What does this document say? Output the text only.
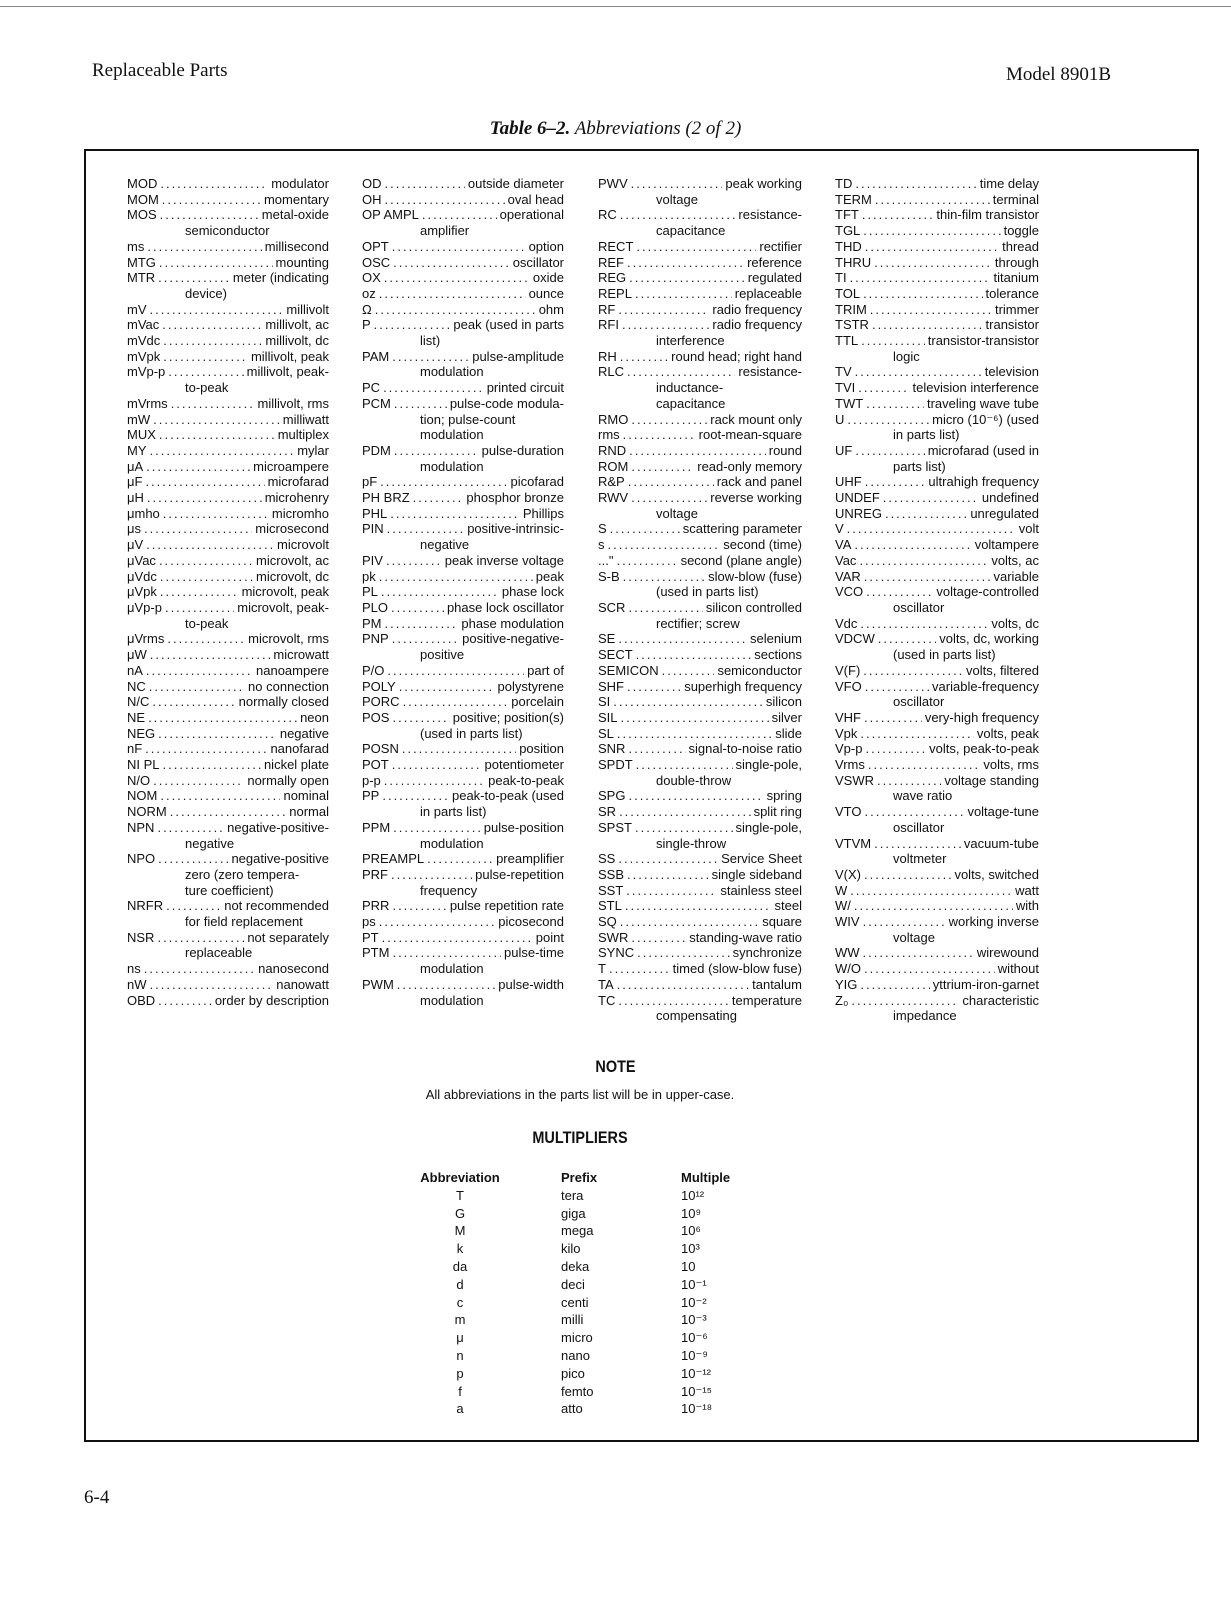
Replaceable Parts	Model 8901B
Table 6–2. Abbreviations (2 of 2)
MOD .....	modulator
MOM .....	momentary
MOS .....	metal-oxide
semiconductor
ms .....	millisecond
MTG .....	mounting
MTR .....	meter (indicating
device)
mV .....	millivolt
mVac .....	millivolt, ac
mVdc .....	millivolt, dc
mVpk .....	millivolt, peak
mVp-p .....	millivolt, peak-
to-peak
mVrms .....	millivolt, rms
mW .....	milliwatt
MUX .....	multiplex
MY .....	mylar
μA .....	microampere
μF .....	microfarad
μH .....	microhenry
μmho .....	micromho
μs .....	microsecond
μV .....	microvolt
μVac .....	microvolt, ac
μVdc .....	microvolt, dc
μVpk .....	microvolt, peak
μVp-p .....	microvolt, peak-
to-peak
μVrms .....	microvolt, rms
μW .....	microwatt
nA .....	nanoampere
NC .....	no connection
N/C .....	normally closed
NE .....	neon
NEG .....	negative
nF .....	nanofarad
NI PL .....	nickel plate
N/O .....	normally open
NOM .....	nominal
NORM .....	normal
NPN .....	negative-positive-
negative
NPO .....	negative-positive
zero (zero tempera-
ture coefficient)
NRFR .....	not recommended
for field replacement
NSR .....	not separately
replaceable
ns .....	nanosecond
nW .....	nanowatt
OBD .....	order by description
OD .....	outside diameter
OH .....	oval head
OP AMPL .....	operational
amplifier
OPT .....	option
OSC .....	oscillator
OX .....	oxide
oz .....	ounce
Ω .....	ohm
P .....	peak (used in parts
list)
PAM .....	pulse-amplitude
modulation
PC .....	printed circuit
PCM .....	pulse-code modula-
tion; pulse-count
modulation
PDM .....	pulse-duration
modulation
pF .....	picofarad
PH BRZ .....	phosphor bronze
PHL .....	Phillips
PIN .....	positive-intrinsic-
negative
PIV .....	peak inverse voltage
pk .....	peak
PL .....	phase lock
PLO .....	phase lock oscillator
PM .....	phase modulation
PNP .....	positive-negative-
positive
P/O .....	part of
POLY .....	polystyrene
PORC .....	porcelain
POS .....	positive; position(s)
(used in parts list)
POSN .....	position
POT .....	potentiometer
p-p .....	peak-to-peak
PP .....	peak-to-peak (used
in parts list)
PPM .....	pulse-position
modulation
PREAMPL .....	preamplifier
PRF .....	pulse-repetition
frequency
PRR .....	pulse repetition rate
ps .....	picosecond
PT .....	point
PTM .....	pulse-time
modulation
PWM .....	pulse-width
modulation
PWV .....	peak working
voltage
RC .....	resistance-
capacitance
RECT .....	rectifier
REF .....	reference
REG .....	regulated
REPL .....	replaceable
RF .....	radio frequency
RFI .....	radio frequency
interference
RH .....	round head; right hand
RLC .....	resistance-
inductance-
capacitance
RMO .....	rack mount only
rms .....	root-mean-square
RND .....	round
ROM .....	read-only memory
R&P .....	rack and panel
RWV .....	reverse working
voltage
S .....	scattering parameter
s .....	second (time)
..." .....	second (plane angle)
S-B .....	slow-blow (fuse)
(used in parts list)
SCR .....	silicon controlled
rectifier; screw
SE .....	selenium
SECT .....	sections
SEMICON .....	semiconductor
SHF .....	superhigh frequency
SI .....	silicon
SIL .....	silver
SL .....	slide
SNR .....	signal-to-noise ratio
SPDT .....	single-pole,
double-throw
SPG .....	spring
SR .....	split ring
SPST .....	single-pole,
single-throw
SS .....	Service Sheet
SSB .....	single sideband
SST .....	stainless steel
STL .....	steel
SQ .....	square
SWR .....	standing-wave ratio
SYNC .....	synchronize
T .....	timed (slow-blow fuse)
TA .....	tantalum
TC .....	temperature
compensating
TD .....	time delay
TERM .....	terminal
TFT .....	thin-film transistor
TGL .....	toggle
THD .....	thread
THRU .....	through
TI .....	titanium
TOL .....	tolerance
TRIM .....	trimmer
TSTR .....	transistor
TTL .....	transistor-transistor
logic
TV .....	television
TVI .....	television interference
TWT .....	traveling wave tube
U .....	micro (10⁻⁶) (used
in parts list)
UF .....	microfarad (used in
parts list)
UHF .....	ultrahigh frequency
UNDEF .....	undefined
UNREG .....	unregulated
V .....	volt
VA .....	voltampere
Vac .....	volts, ac
VAR .....	variable
VCO .....	voltage-controlled
oscillator
Vdc .....	volts, dc
VDCW .....	volts, dc, working
(used in parts list)
V(F) .....	volts, filtered
VFO .....	variable-frequency
oscillator
VHF .....	very-high frequency
Vpk .....	volts, peak
Vp-p .....	volts, peak-to-peak
Vrms .....	volts, rms
VSWR .....	voltage standing
wave ratio
VTO .....	voltage-tune
oscillator
VTVM .....	vacuum-tube
voltmeter
V(X) .....	volts, switched
W .....	watt
W/ .....	with
WIV .....	working inverse
voltage
WW .....	wirewound
W/O .....	without
YIG .....	yttrium-iron-garnet
Z₀ .....	characteristic
impedance
NOTE
All abbreviations in the parts list will be in upper-case.
MULTIPLIERS
Abbreviation	Prefix	Multiple
T	tera	10¹²
G	giga	10⁹
M	mega	10⁶
k	kilo	10³
da	deka	10
d	deci	10⁻¹
c	centi	10⁻²
m	milli	10⁻³
μ	micro	10⁻⁶
n	nano	10⁻⁹
p	pico	10⁻¹²
f	femto	10⁻¹⁵
a	atto	10⁻¹⁸
6-4
